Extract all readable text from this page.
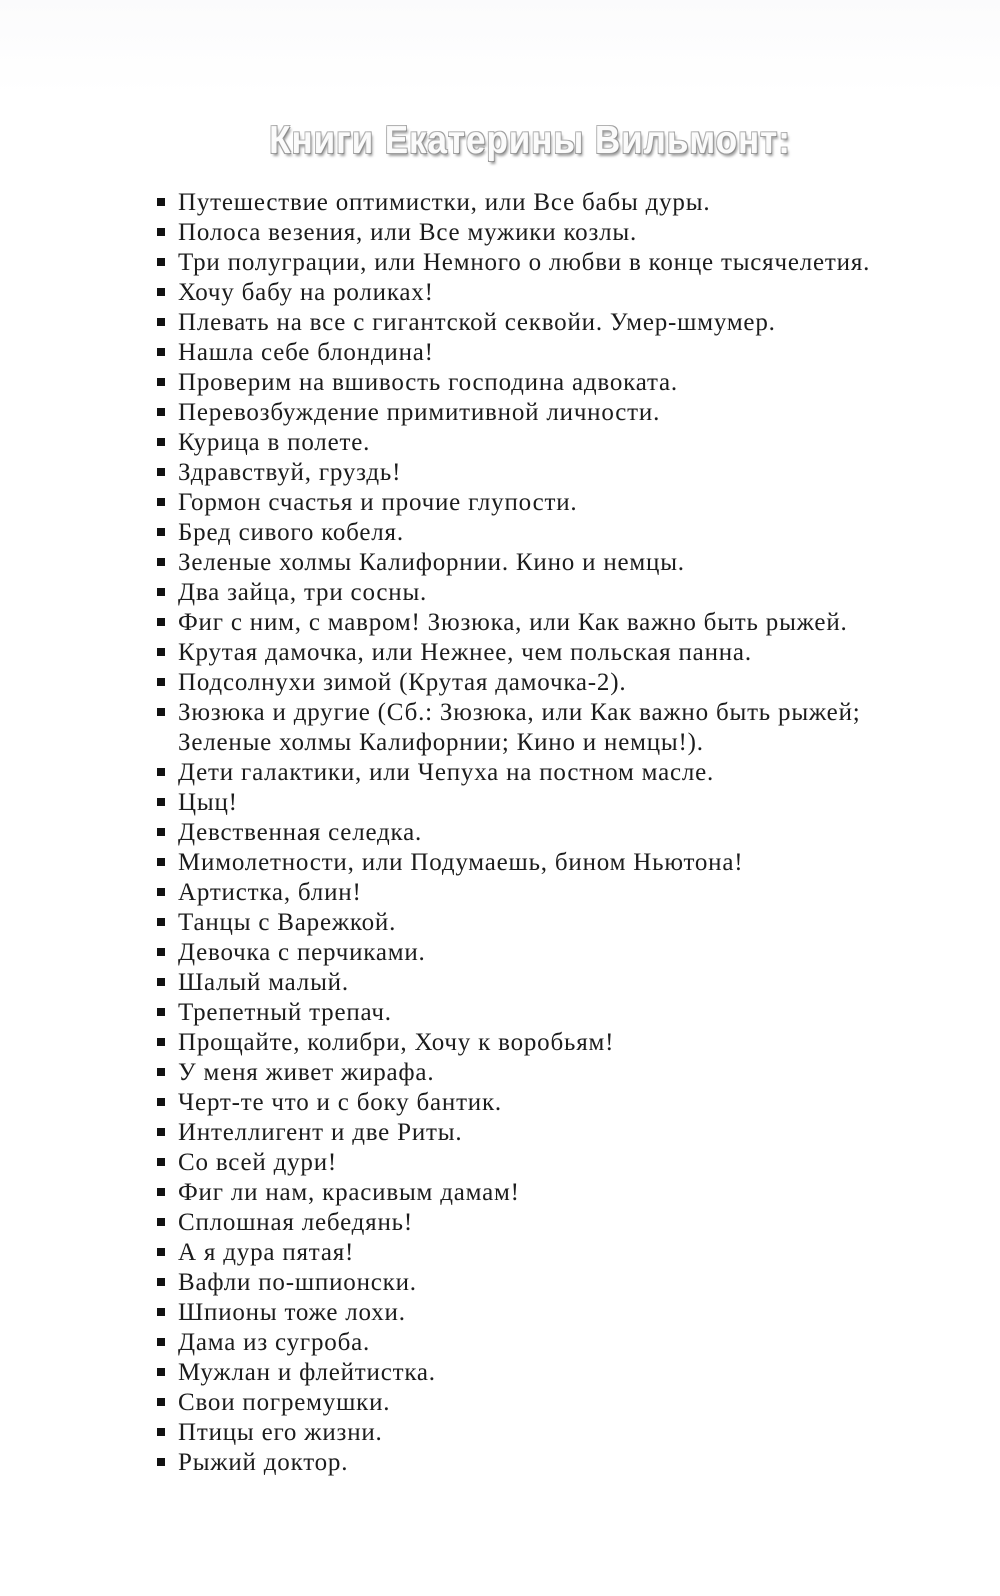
Книги Екатерины Вильмонт:
Путешествие оптимистки, или Все бабы дуры.
Полоса везения, или Все мужики козлы.
Три полуграции, или Немного о любви в конце тысячелетия.
Хочу бабу на роликах!
Плевать на все с гигантской секвойи. Умер-шмумер.
Нашла себе блондина!
Проверим на вшивость господина адвоката.
Перевозбуждение примитивной личности.
Курица в полете.
Здравствуй, груздь!
Гормон счастья и прочие глупости.
Бред сивого кобеля.
Зеленые холмы Калифорнии. Кино и немцы.
Два зайца, три сосны.
Фиг с ним, с мавром! Зюзюка, или Как важно быть рыжей.
Крутая дамочка, или Нежнее, чем польская панна.
Подсолнухи зимой (Крутая дамочка-2).
Зюзюка и другие (Сб.: Зюзюка, или Как важно быть рыжей; Зеленые холмы Калифорнии; Кино и немцы!).
Дети галактики, или Чепуха на постном масле.
Цыц!
Девственная селедка.
Мимолетности, или Подумаешь, бином Ньютона!
Артистка, блин!
Танцы с Варежкой.
Девочка с перчиками.
Шалый малый.
Трепетный трепач.
Прощайте, колибри, Хочу к воробьям!
У меня живет жирафа.
Черт-те что и с боку бантик.
Интеллигент и две Риты.
Со всей дури!
Фиг ли нам, красивым дамам!
Сплошная лебедянь!
А я дура пятая!
Вафли по-шпионски.
Шпионы тоже лохи.
Дама из сугроба.
Мужлан и флейтистка.
Свои погремушки.
Птицы его жизни.
Рыжий доктор.
